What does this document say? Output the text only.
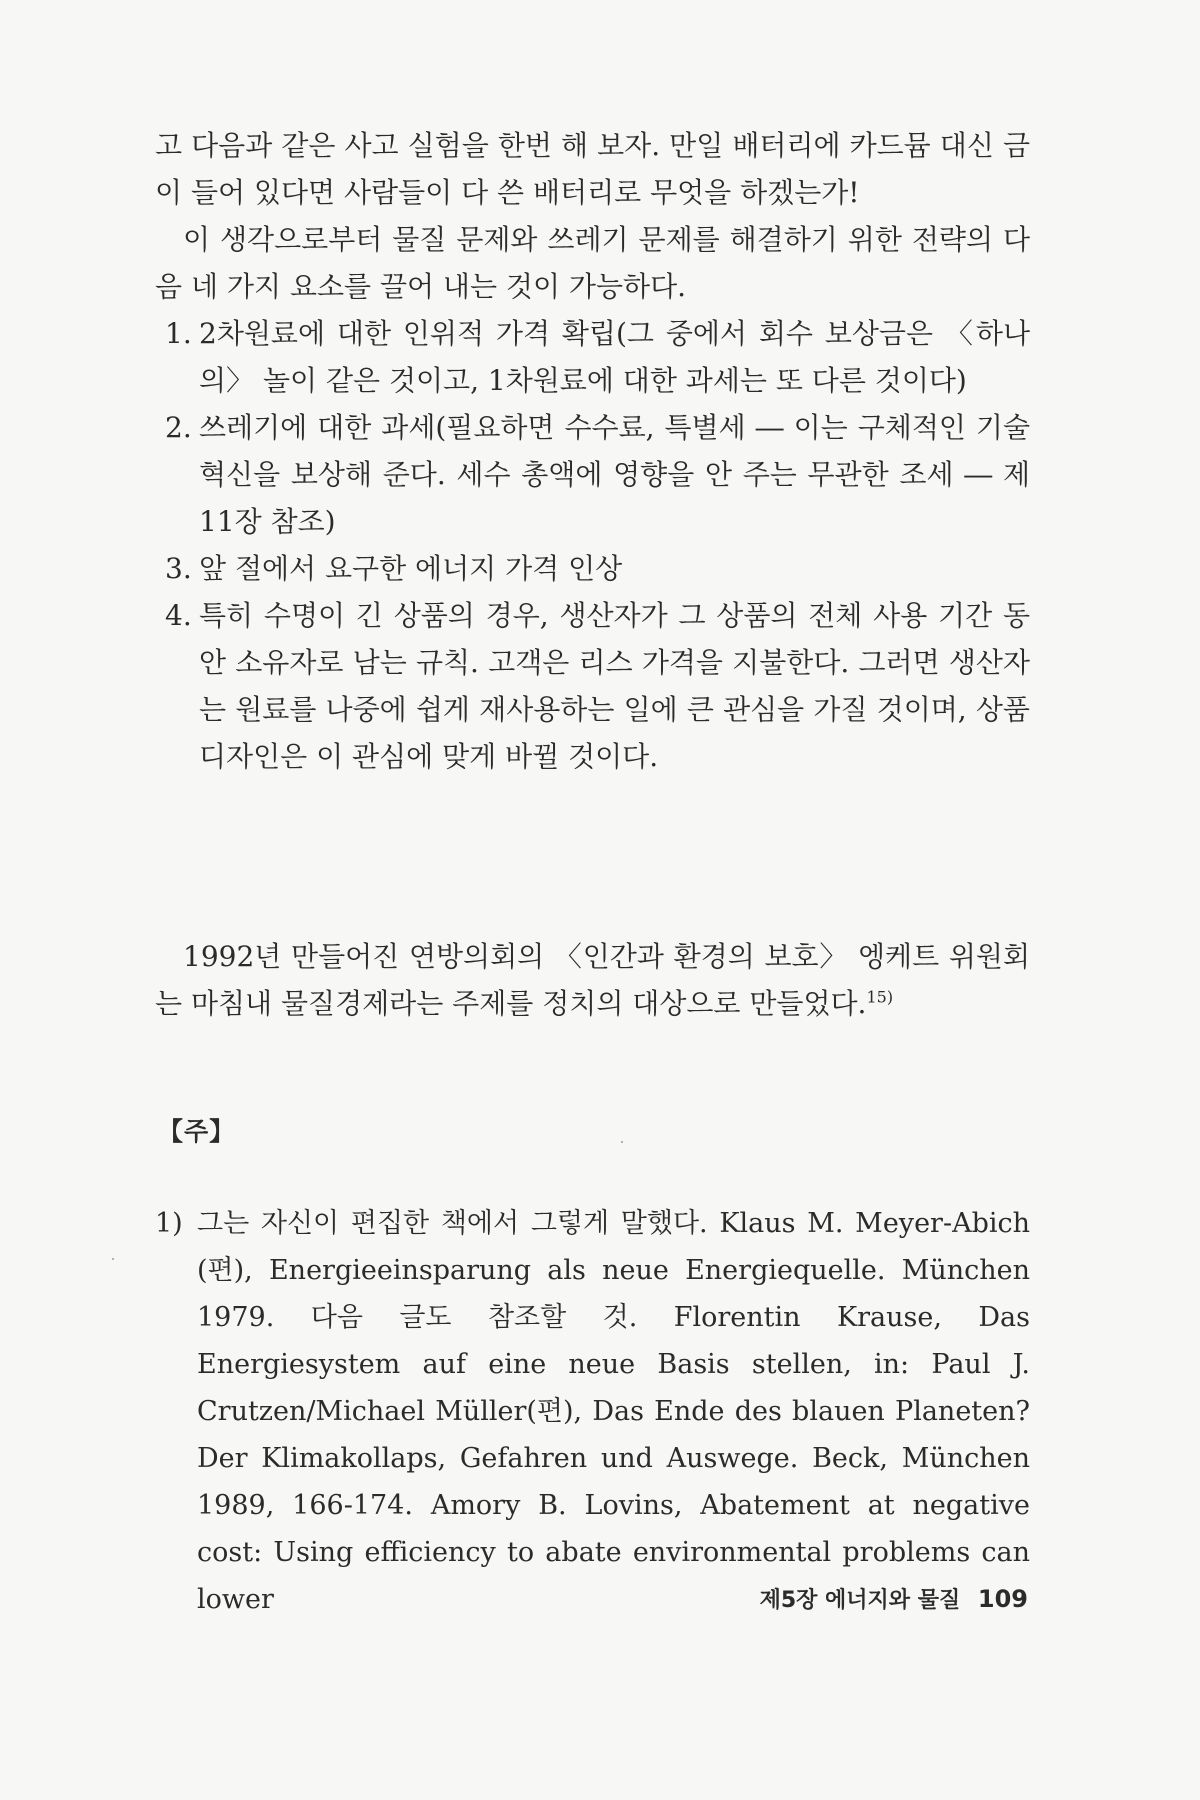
고 다음과 같은 사고 실험을 한번 해 보자. 만일 배터리에 카드뮴 대신 금이 들어 있다면 사람들이 다 쓴 배터리로 무엇을 하겠는가!

이 생각으로부터 물질 문제와 쓰레기 문제를 해결하기 위한 전략의 다음 네 가지 요소를 끌어 내는 것이 가능하다.

1. 2차원료에 대한 인위적 가격 확립(그 중에서 회수 보상금은 〈하나의〉 놀이 같은 것이고, 1차원료에 대한 과세는 또 다른 것이다)
2. 쓰레기에 대한 과세(필요하면 수수료, 특별세 ― 이는 구체적인 기술혁신을 보상해 준다. 세수 총액에 영향을 안 주는 무관한 조세 ― 제11장 참조)
3. 앞 절에서 요구한 에너지 가격 인상
4. 특히 수명이 긴 상품의 경우, 생산자가 그 상품의 전체 사용 기간 동안 소유자로 남는 규칙. 고객은 리스 가격을 지불한다. 그러면 생산자는 원료를 나중에 쉽게 재사용하는 일에 큰 관심을 가질 것이며, 상품 디자인은 이 관심에 맞게 바뀔 것이다.

1992년 만들어진 연방의회의 〈인간과 환경의 보호〉 엥케트 위원회는 마침내 물질경제라는 주제를 정치의 대상으로 만들었다.$^{15)}$

【주】
1) 그는 자신이 편집한 책에서 그렇게 말했다. Klaus M. Meyer-Abich (편), Energieeinsparung als neue Energiequelle. München 1979. 다음 글도 참조할 것. Florentin Krause, Das Energiesystem auf eine neue Basis stellen, in: Paul J. Crutzen/Michael Müller(편), Das Ende des blauen Planeten? Der Klimakollaps, Gefahren und Auswege. Beck, München 1989, 166-174. Amory B. Lovins, Abatement at negative cost: Using efficiency to abate environmental problems can lower	제5장 에너지와 물질 109
